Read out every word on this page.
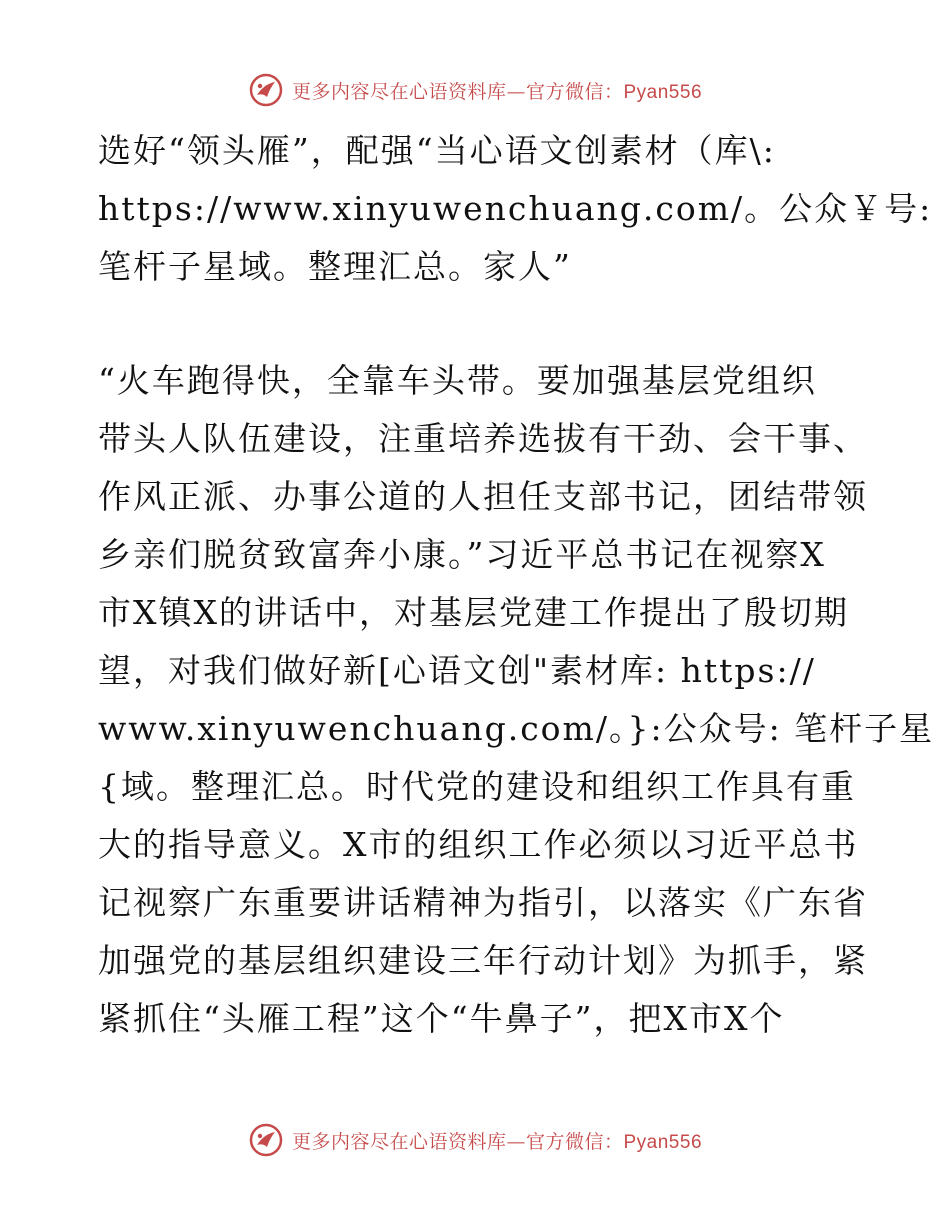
更多内容尽在心语资料库—官方微信：Pyan556
选好“领头雁”，配强“当心语文创素材（库\:
https://www.xinyuwenchuang.com/。公众￥号:
笔杆子星域。整理汇总。家人”
“火车跑得快，全靠车头带。要加强基层党组织
带头人队伍建设，注重培养选拔有干劲、会干事、
作风正派、办事公道的人担任支部书记，团结带领
乡亲们脱贫致富奔小康。”习近平总书记在视察X
市X镇X的讲话中，对基层党建工作提出了殷切期
望，对我们做好新[心语文创"素材库: https://
www.xinyuwenchuang.com/。}:公众号: 笔杆子星
{域。整理汇总。时代党的建设和组织工作具有重
大的指导意义。X市的组织工作必须以习近平总书
记视察广东重要讲话精神为指引，以落实《广东省
加强党的基层组织建设三年行动计划》为抓手，紧
紧抓住“头雁工程”这个“牛鼻子”，把X市X个
更多内容尽在心语资料库—官方微信：Pyan556
